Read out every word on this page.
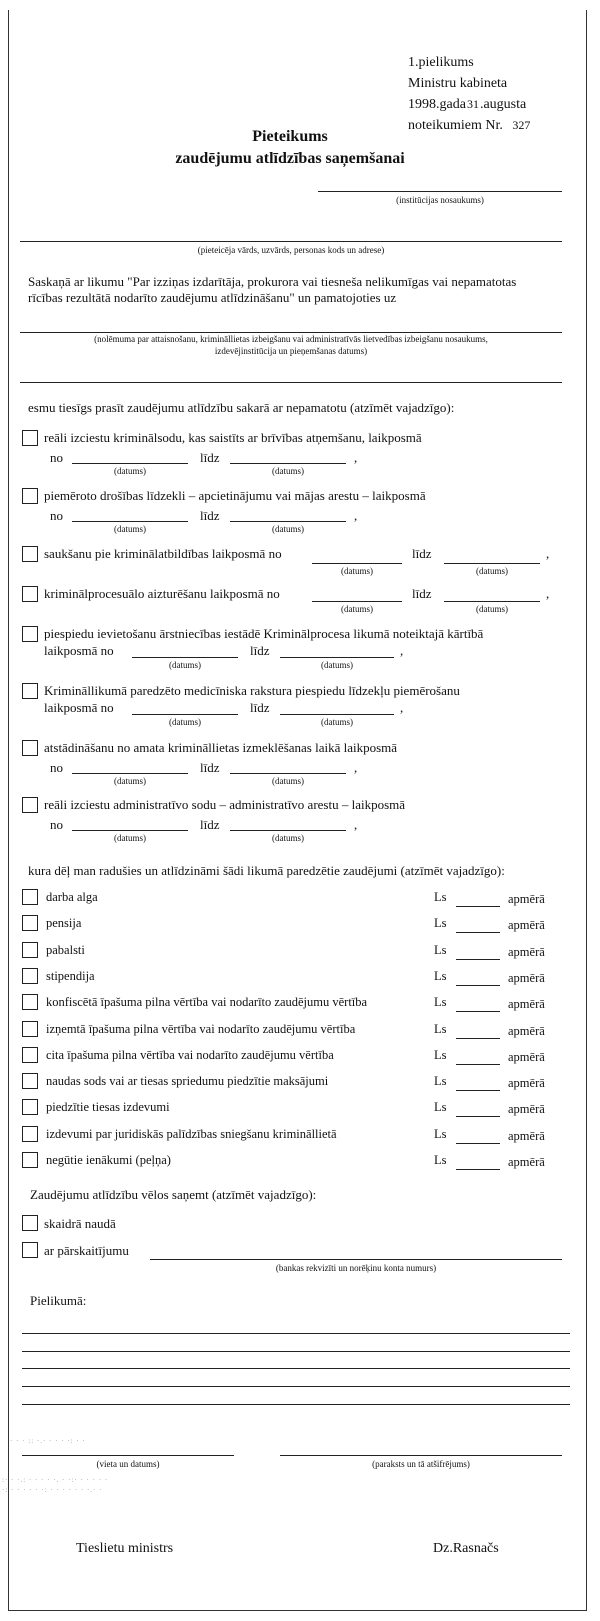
1.pielikums
Ministru kabineta
1998.gada31.augusta
noteikumiem Nr. 327
Pieteikums
zaudējumu atlīdzības saņemšanai
(institūcijas nosaukums)
(pieteicēja vārds, uzvārds, personas kods un adrese)
Saskaņā ar likumu "Par izziņas izdarītāja, prokurora vai tiesneša nelikumīgas vai nepamatotas
rīcības rezultātā nodarīto zaudējumu atlīdzināšanu" un pamatojoties uz
(nolēmuma par attaisnošanu, krimināllietas izbeigšanu vai administratīvās lietvedības izbeigšanu nosaukums,
izdevējinstitūcija un pieņemšanas datums)
esmu tiesīgs prasīt zaudējumu atlīdzību sakarā ar nepamatotu (atzīmēt vajadzīgo):
reāli izciestu kriminālsodu, kas saistīts ar brīvības atņemšanu, laikposmā
no	līdz	,
(datums)	(datums)
piemēroto drošības līdzekli – apcietinājumu vai mājas arestu – laikposmā
no	līdz	,
(datums)	(datums)
saukšanu pie kriminālatbildības laikposmā no	līdz	,
(datums)	(datums)
kriminālprocesuālo aizturēšanu laikposmā no	līdz	,
(datums)	(datums)
piespiedu ievietošanu ārstniecības iestādē Kriminālprocesa likumā noteiktajā kārtībā
laikposmā no	līdz	,
(datums)	(datums)
Krimināllikumā paredzēto medicīniska rakstura piespiedu līdzekļu piemērošanu
laikposmā no	līdz	,
(datums)	(datums)
atstādināšanu no amata krimināllietas izmeklēšanas laikā laikposmā
no	līdz	,
(datums)	(datums)
reāli izciestu administratīvo sodu – administratīvo arestu – laikposmā
no	līdz	,
(datums)	(datums)
kura dēļ man radušies un atlīdzināmi šādi likumā paredzētie zaudējumi (atzīmēt vajadzīgo):
darba alga	Ls	apmērā
pensija	Ls	apmērā
pabalsti	Ls	apmērā
stipendija	Ls	apmērā
konfiscētā īpašuma pilna vērtība vai nodarīto zaudējumu vērtība	Ls	apmērā
izņemtā īpašuma pilna vērtība vai nodarīto zaudējumu vērtība	Ls	apmērā
cita īpašuma pilna vērtība vai nodarīto zaudējumu vērtība	Ls	apmērā
naudas sods vai ar tiesas spriedumu piedzītie maksājumi	Ls	apmērā
piedzītie tiesas izdevumi	Ls	apmērā
izdevumi par juridiskās palīdzības sniegšanu krimināllietā	Ls	apmērā
negūtie ienākumi (peļņa)	Ls	apmērā
Zaudējumu atlīdzību vēlos saņemt (atzīmēt vajadzīgo):
skaidrā naudā
ar pārskaitījumu
(bankas rekvizīti un norēķinu konta numurs)
Pielikumā:
· · · :: ·.· · · · ·: · ·
:· · ·.: · · · · ·. · ·:· · · · · ·
·: · · · · · ·: · · · · · · ·.· ·
(vieta un datums)	(paraksts un tā atšifrējums)
Tieslietu ministrs	Dz.Rasnačs
